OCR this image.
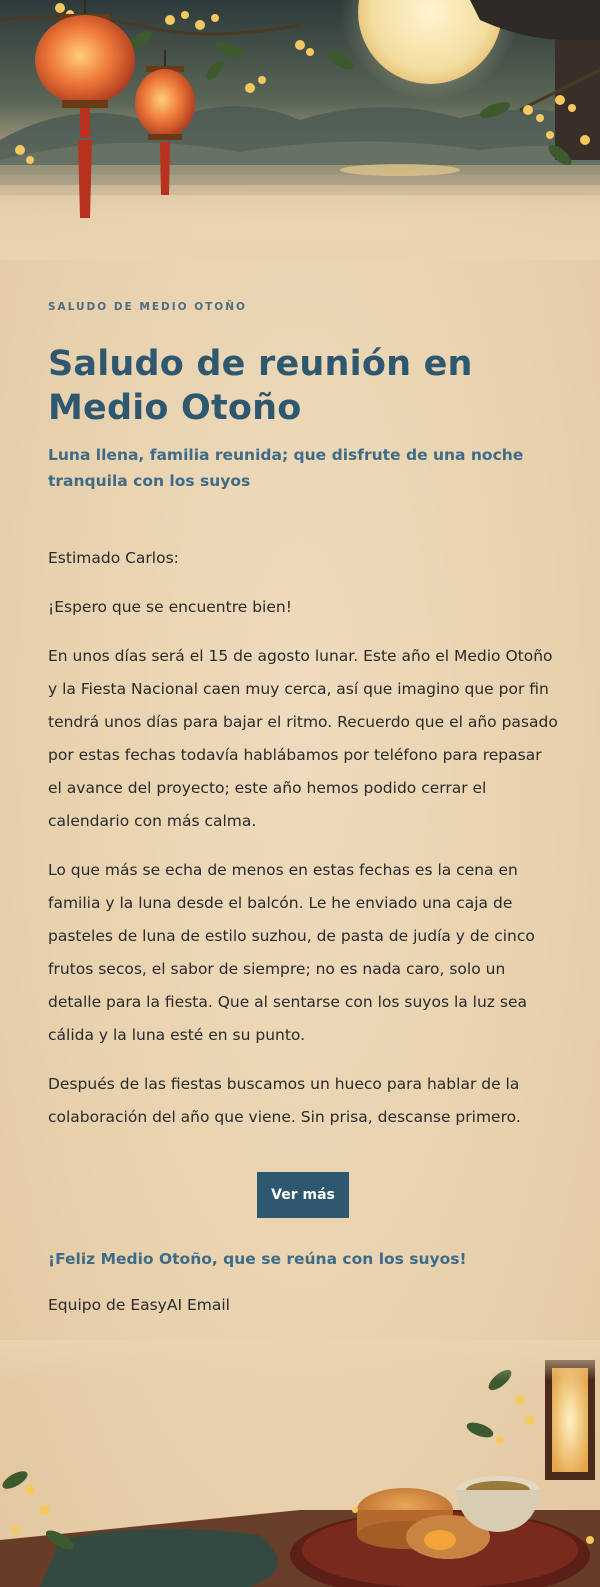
SALUDO DE MEDIO OTOÑO

Saludo de reunión en Medio Otoño

Luna llena, familia reunida; que disfrute de una noche tranquila con los suyos

Estimado Carlos:

¡Espero que se encuentre bien!

En unos días será el 15 de agosto lunar. Este año el Medio Otoño y la Fiesta Nacional caen muy cerca, así que imagino que por fin tendrá unos días para bajar el ritmo. Recuerdo que el año pasado por estas fechas todavía hablábamos por teléfono para repasar el avance del proyecto; este año hemos podido cerrar el calendario con más calma.

Lo que más se echa de menos en estas fechas es la cena en familia y la luna desde el balcón. Le he enviado una caja de pasteles de luna de estilo suzhou, de pasta de judía y de cinco frutos secos, el sabor de siempre; no es nada caro, solo un detalle para la fiesta. Que al sentarse con los suyos la luz sea cálida y la luna esté en su punto.

Después de las fiestas buscamos un hueco para hablar de la colaboración del año que viene. Sin prisa, descanse primero.

Ver más
¡Feliz Medio Otoño, que se reúna con los suyos!
Equipo de EasyAI Email
